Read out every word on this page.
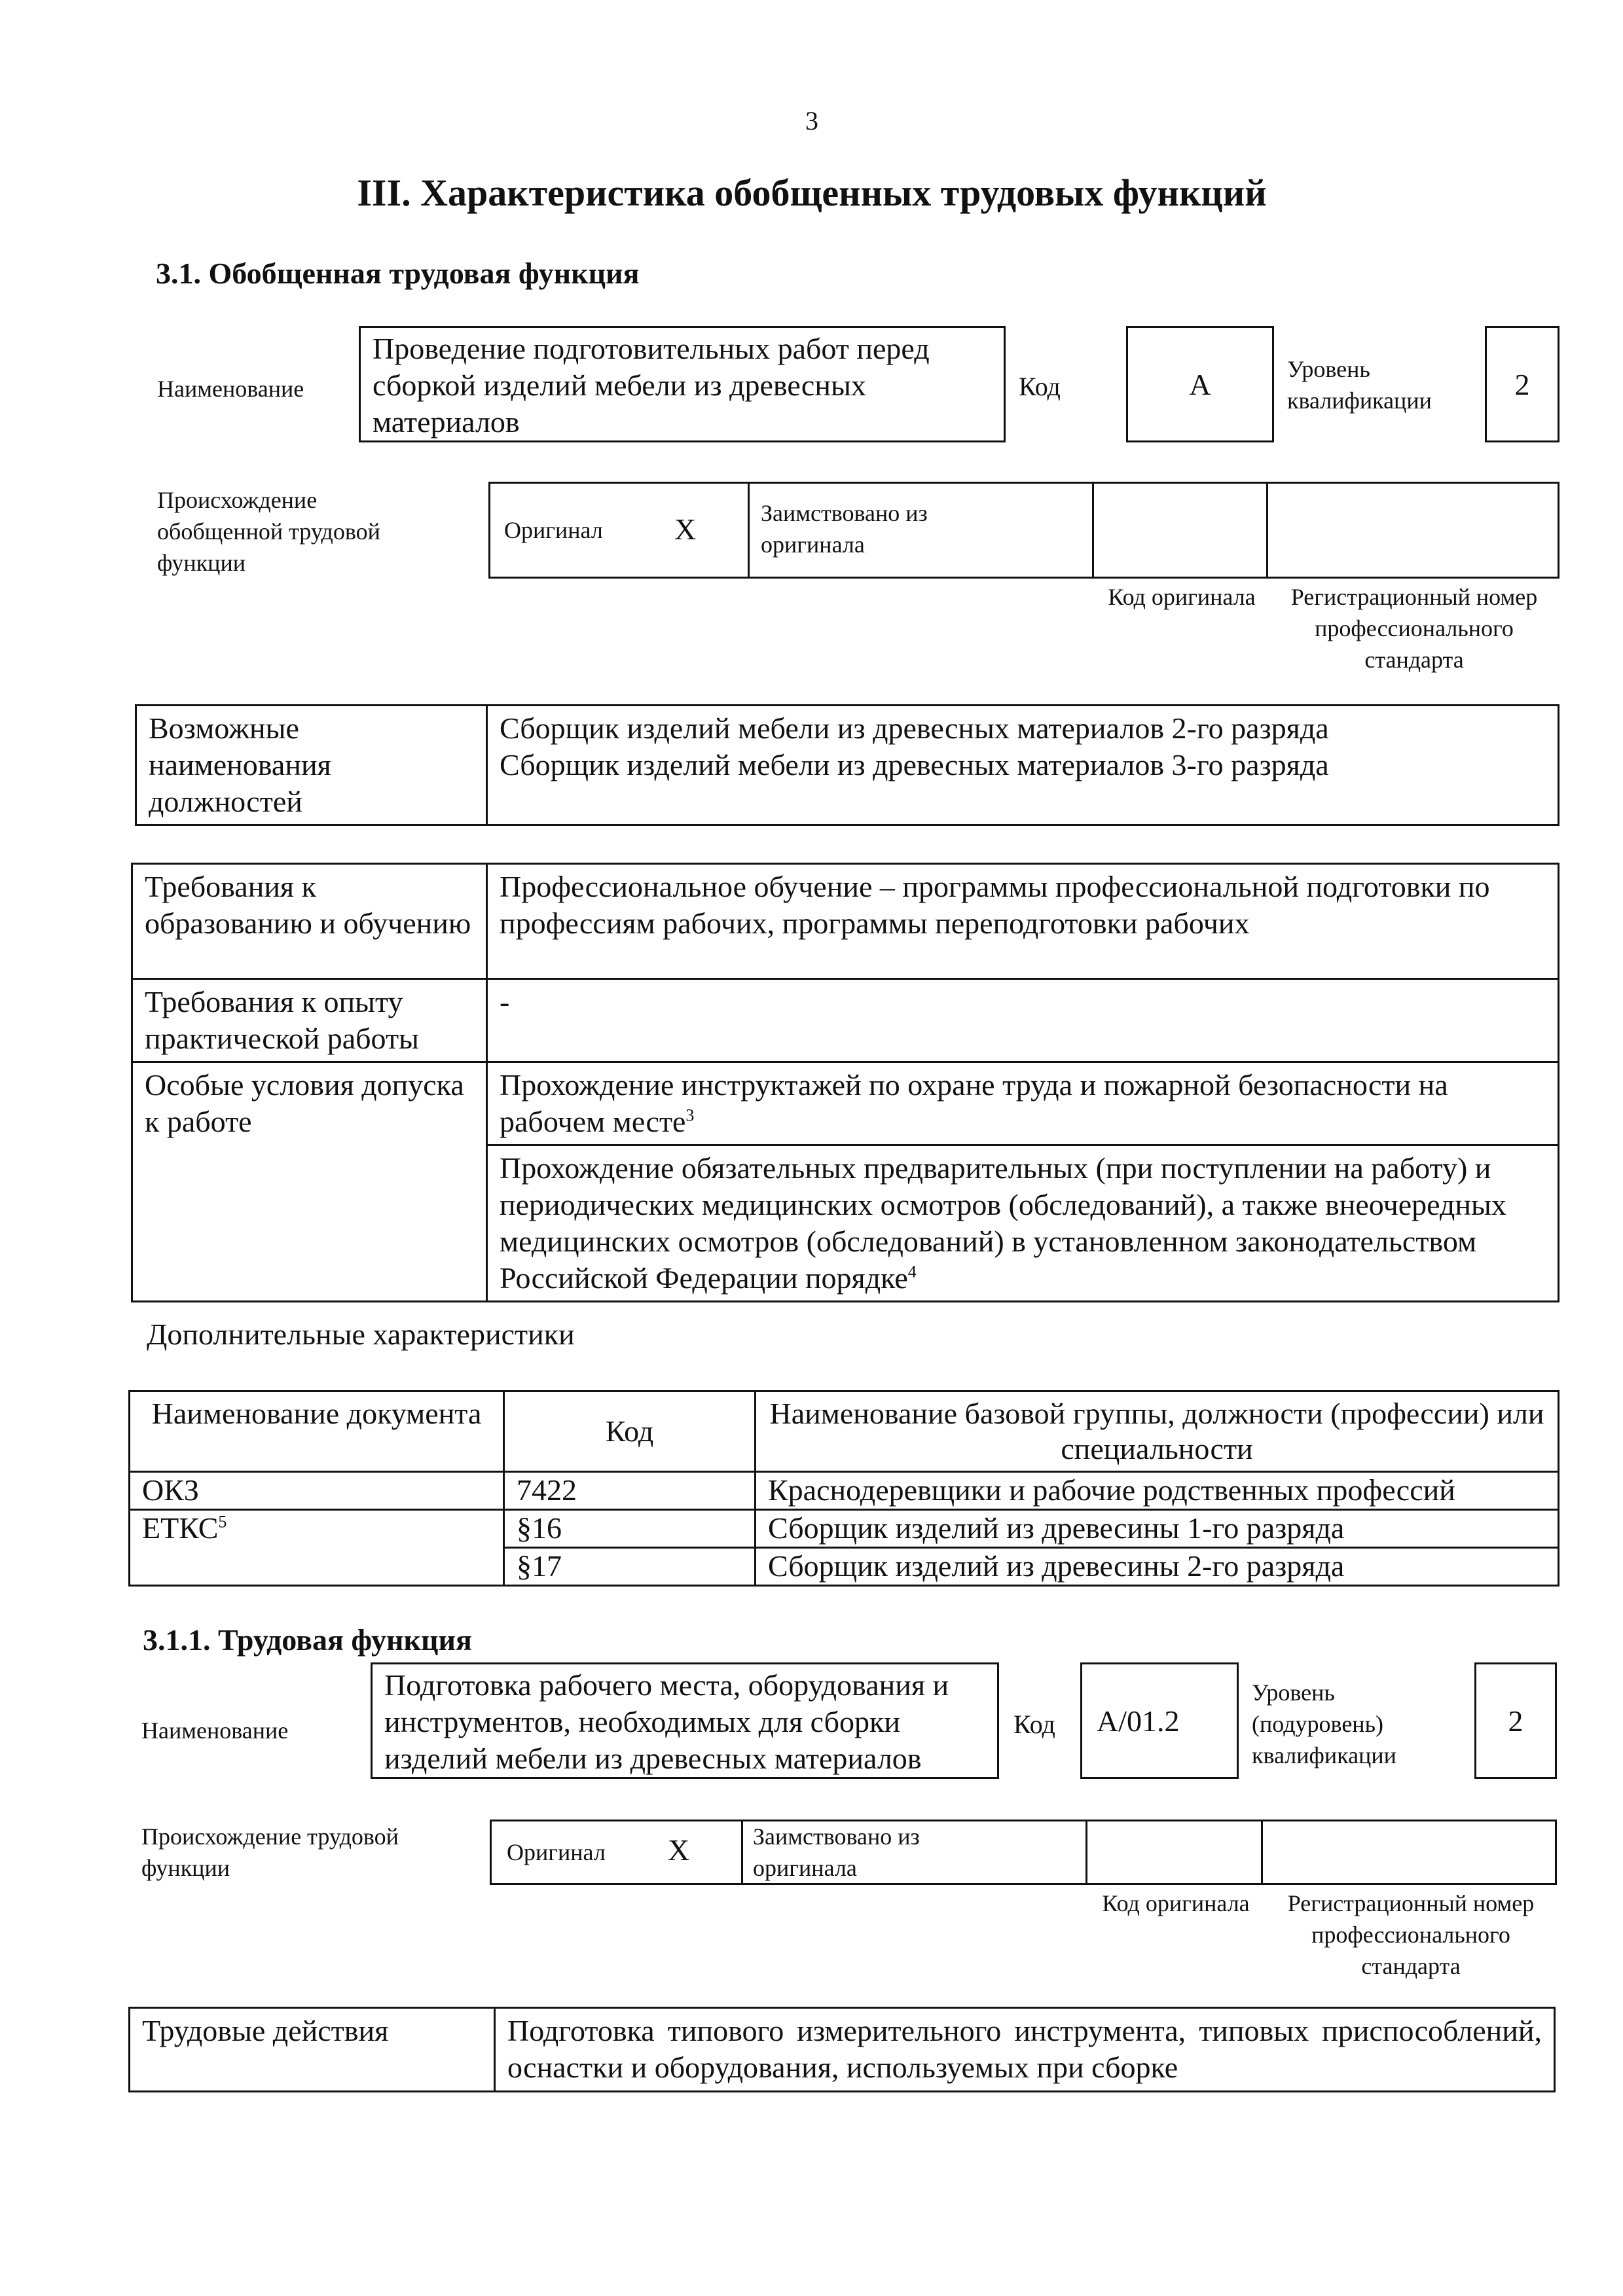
3
III. Характеристика обобщенных трудовых функций
3.1. Обобщенная трудовая функция
Наименование
Проведение подготовительных работ перед сборкой изделий мебели из древесных материалов
Код	А	Уровень квалификации	2
Происхождение обобщенной трудовой функции
Оригинал Х	Заимствовано из оригинала
Код оригинала	Регистрационный номер профессионального стандарта
Возможные наименования должностей	
Сборщик изделий мебели из древесных материалов 2-го разряда
Сборщик изделий мебели из древесных материалов 3-го разряда
Требования к образованию и обучению	Профессиональное обучение – программы профессиональной подготовки по профессиям рабочих, программы переподготовки рабочих
Требования к опыту практической работы	-
Особые условия допуска к работе	Прохождение инструктажей по охране труда и пожарной безопасности на рабочем месте$^3$
	Прохождение обязательных предварительных (при поступлении на работу) и периодических медицинских осмотров (обследований), а также внеочередных медицинских осмотров (обследований) в установленном законодательством Российской Федерации порядке$^4$
Дополнительные характеристики
Наименование документа	Код	Наименование базовой группы, должности (профессии) или специальности
ОКЗ	7422	Краснодеревщики и рабочие родственных профессий
ЕТКС$^5$	§16	Сборщик изделий из древесины 1-го разряда
	§17	Сборщик изделий из древесины 2-го разряда
3.1.1. Трудовая функция
Наименование
Подготовка рабочего места, оборудования и инструментов, необходимых для сборки изделий мебели из древесных материалов
Код	А/01.2
Уровень (подуровень) квалификации
2
Происхождение трудовой функции
Оригинал Х	Заимствовано из оригинала
Код оригинала	Регистрационный номер профессионального стандарта
Трудовые действия	Подготовка типового измерительного инструмента, типовых приспособлений, оснастки и оборудования, используемых при сборке
